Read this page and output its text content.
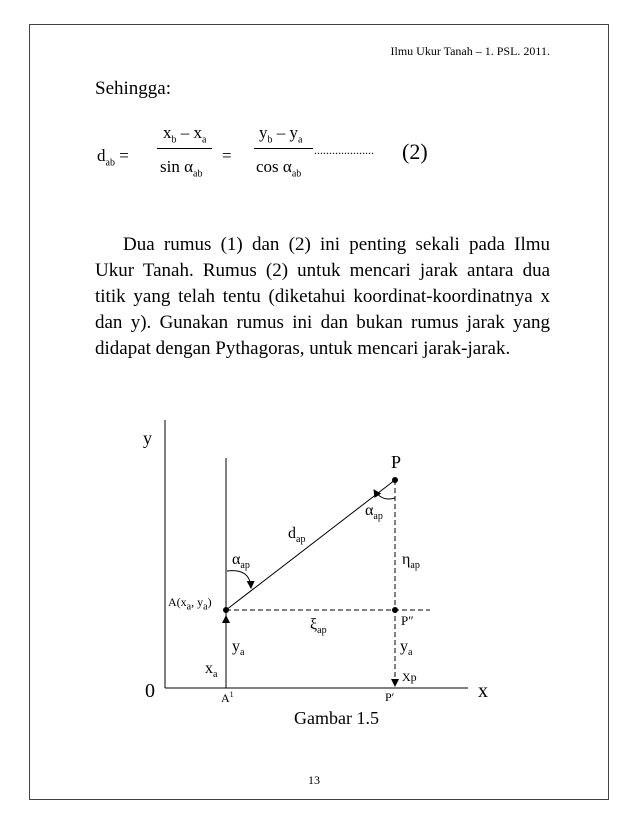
Ilmu Ukur Tanah – 1. PSL. 2011.
Sehingga:
$d_{ab}$ =
$x_b - x_a$
$\sin \alpha_{ab}$
=
$y_b - y_a$
$\cos \alpha_{ab}$
.................... (2)
Dua rumus (1) dan (2) ini penting sekali pada Ilmu Ukur Tanah. Rumus (2) untuk mencari jarak antara dua titik yang telah tentu (diketahui koordinat-koordinatnya x dan y). Gunakan rumus ini dan bukan rumus jarak yang didapat dengan Pythagoras, untuk mencari jarak-jarak.
y
x
0
P
$\alpha_{ap}$
$d_{ap}$
$\alpha_{ap}$	$\eta_{ap}$
$A(x_a$, $y_a$)
$\xi_{ap}$
P″
$y_a$	$y_a$
$x_a$	Xp
$A^1$	P′
Gambar 1.5
13
